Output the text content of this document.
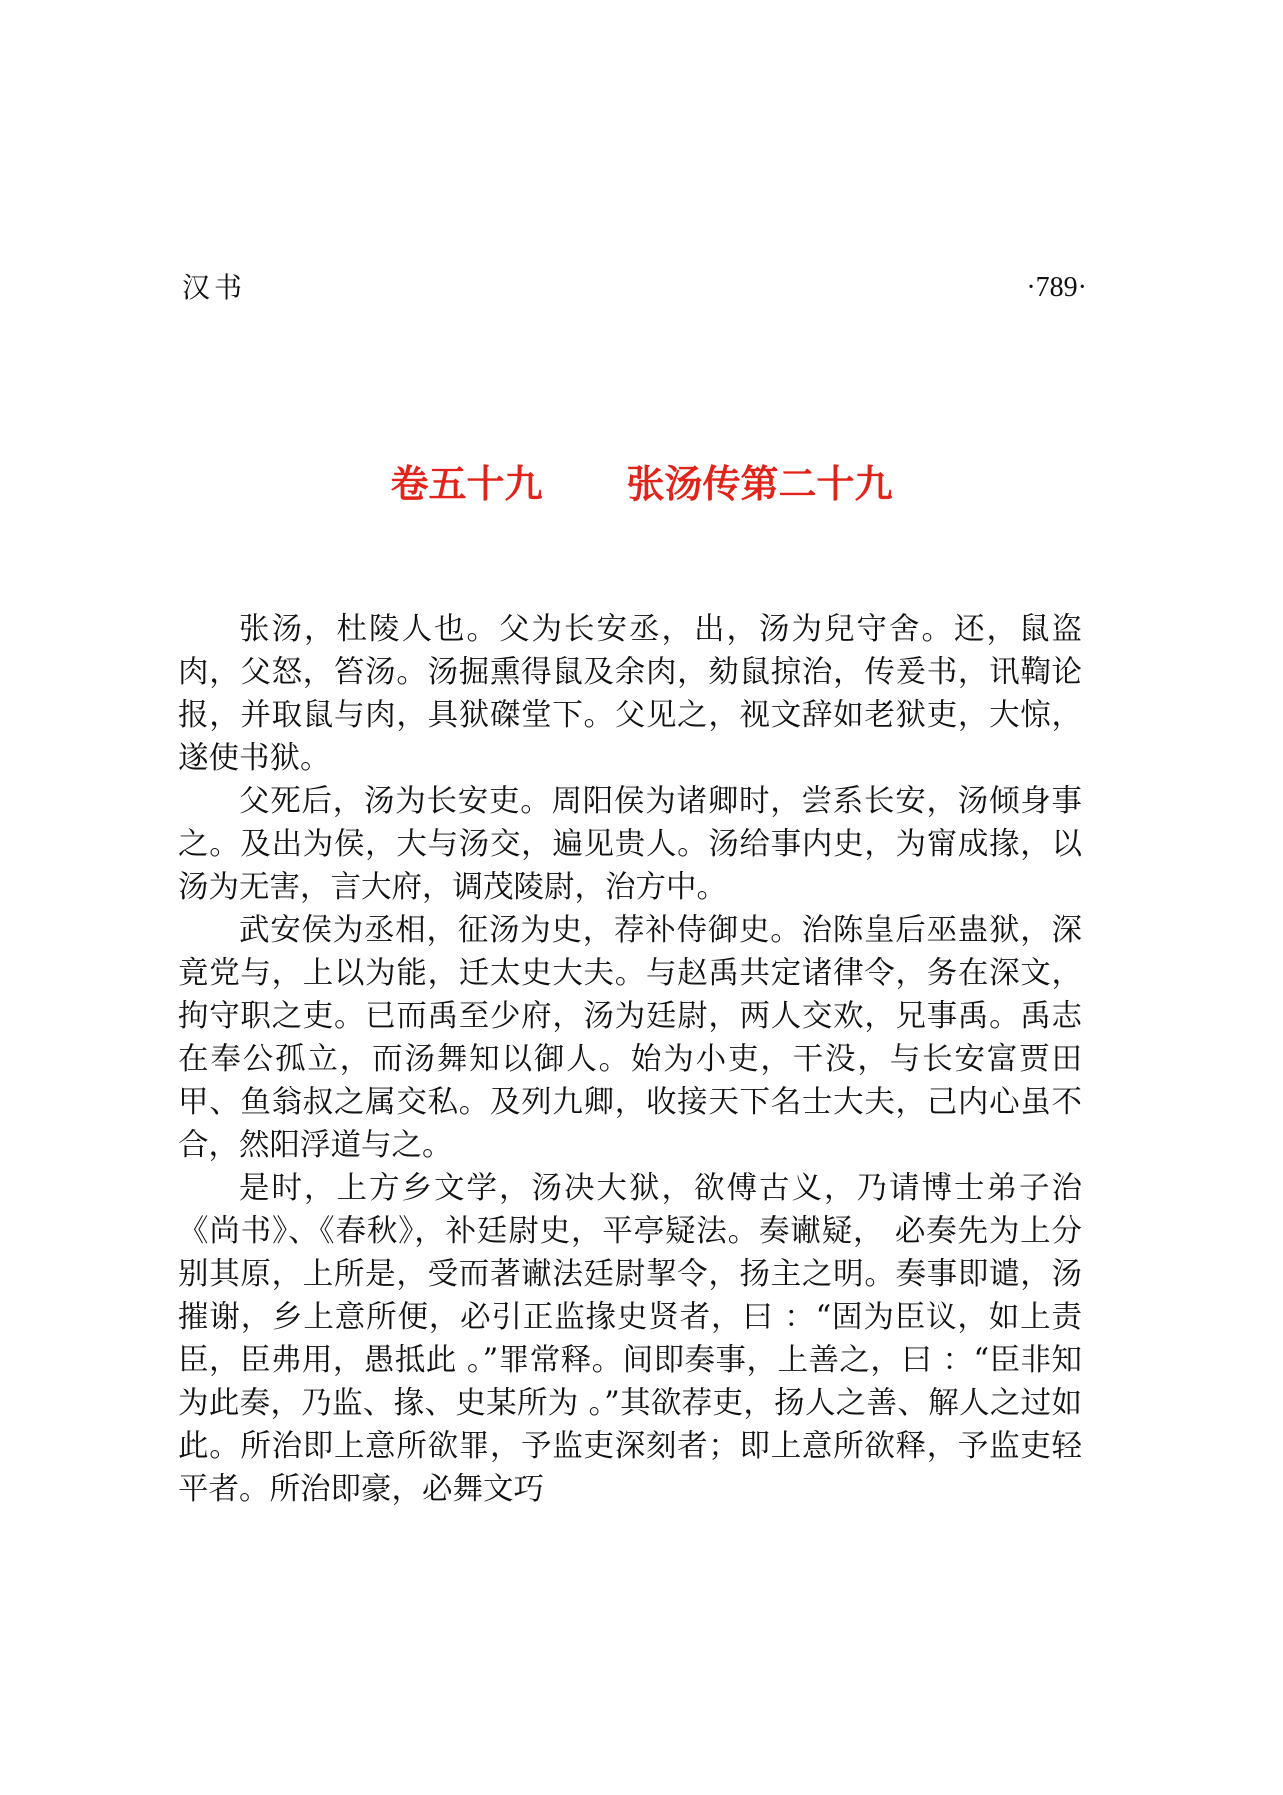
汉书	·789·
卷五十九 张汤传第二十九

张汤，杜陵人也。父为长安丞，出，汤为兒守舍。还，鼠盗肉，父怒，笞汤。汤掘熏得鼠及余肉，劾鼠掠治，传爰书，讯鞫论报，并取鼠与肉，具狱磔堂下。父见之，视文辞如老狱吏，大惊，遂使书狱。

父死后，汤为长安吏。周阳侯为诸卿时，尝系长安，汤倾身事之。及出为侯，大与汤交，遍见贵人。汤给事内史，为甯成掾，以汤为无害，言大府，调茂陵尉，治方中。

武安侯为丞相，征汤为史，荐补侍御史。治陈皇后巫蛊狱，深竟党与，上以为能，迁太史大夫。与赵禹共定诸律令，务在深文，拘守职之吏。已而禹至少府，汤为廷尉，两人交欢，兄事禹。禹志在奉公孤立，而汤舞知以御人。始为小吏，干没，与长安富贾田甲、鱼翁叔之属交私。及列九卿，收接天下名士大夫，己内心虽不合，然阳浮道与之。

是时，上方乡文学，汤决大狱，欲傅古义，乃请博士弟子治《尚书》、《春秋》，补廷尉史，平亭疑法。奏谳疑， 必奏先为上分别其原，上所是，受而著谳法廷尉挈令，扬主之明。奏事即谴，汤摧谢，乡上意所便，必引正监掾史贤者，曰 ：“固为臣议，如上责臣，臣弗用，愚抵此 。”罪常释。间即奏事，上善之，曰 ：“臣非知为此奏，乃监、掾、史某所为 。”其欲荐吏，扬人之善、解人之过如此。所治即上意所欲罪，予监吏深刻者；即上意所欲释，予监吏轻平者。所治即豪，必舞文巧
